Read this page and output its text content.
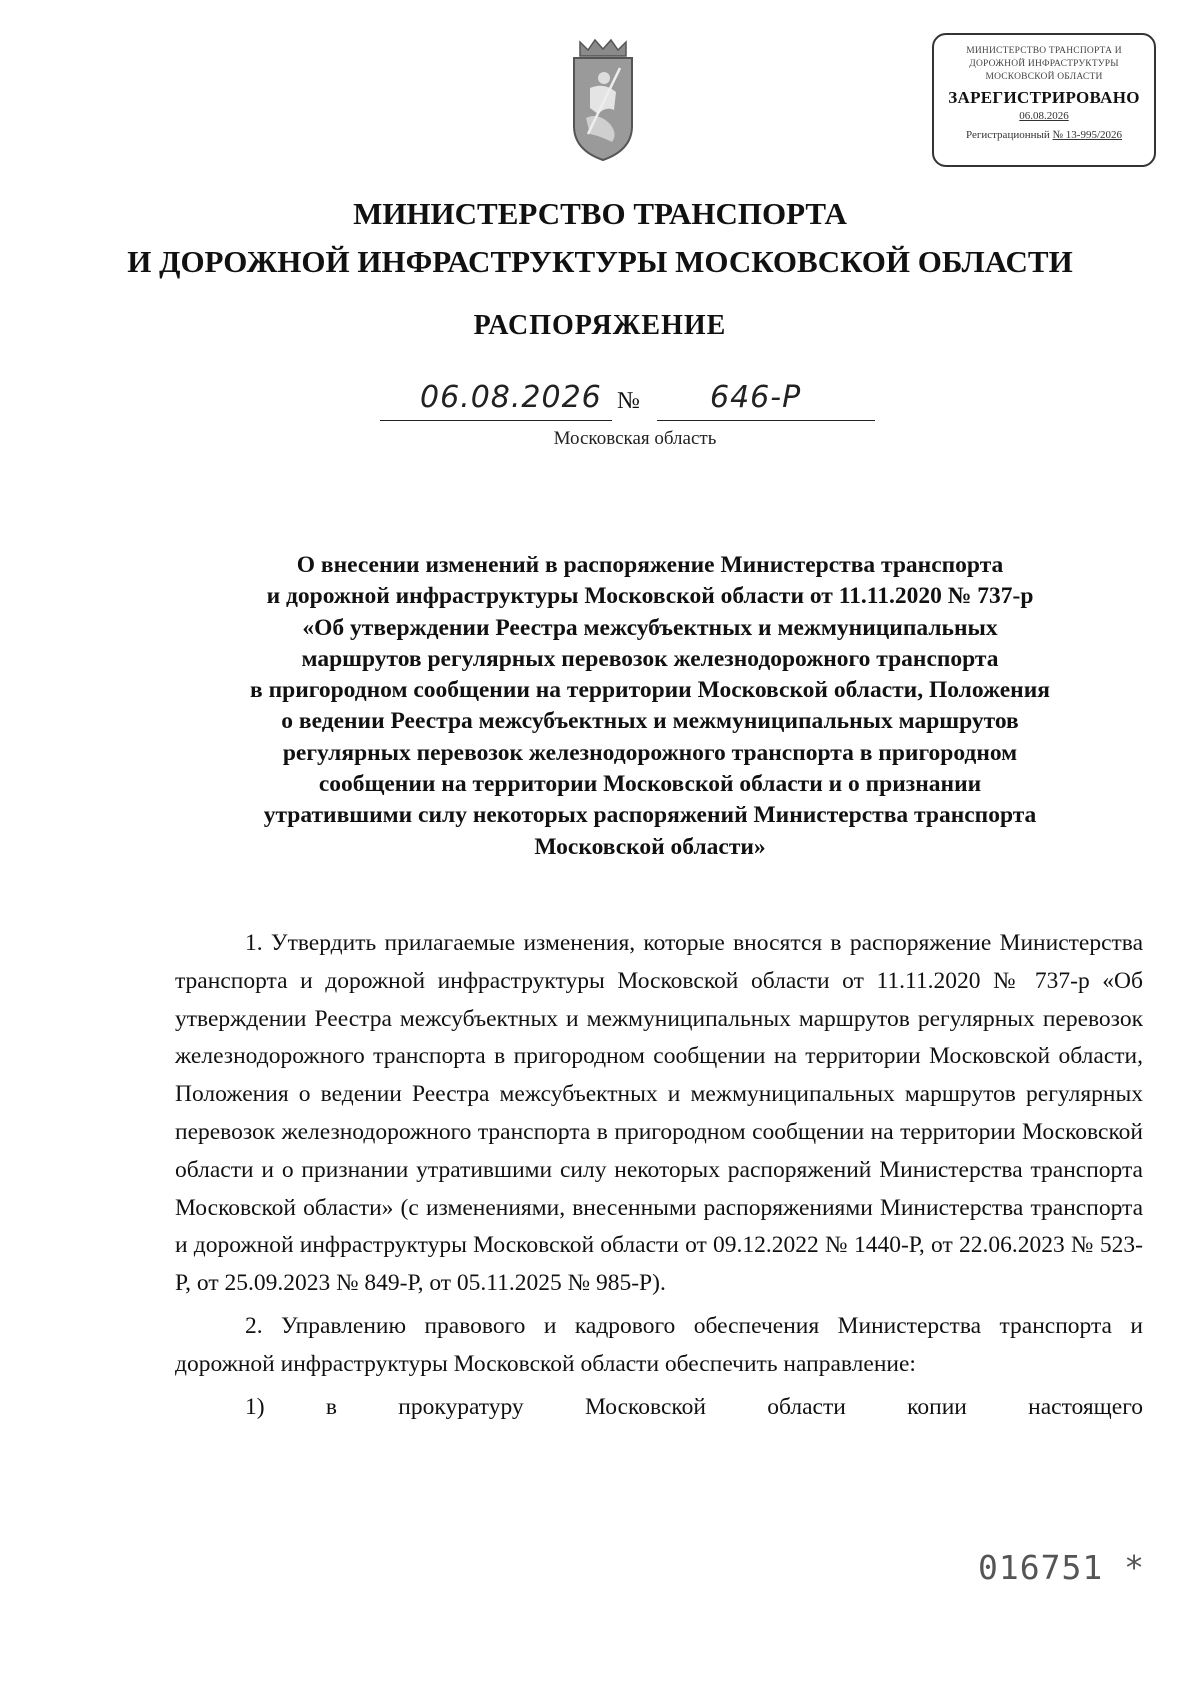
МИНИСТЕРСТВО ТРАНСПОРТА И
ДОРОЖНОЙ ИНФРАСТРУКТУРЫ
МОСКОВСКОЙ ОБЛАСТИ
ЗАРЕГИСТРИРОВАНО
06.08.2026
Регистрационный № 13-995/2026
МИНИСТЕРСТВО ТРАНСПОРТА
И ДОРОЖНОЙ ИНФРАСТРУКТУРЫ МОСКОВСКОЙ ОБЛАСТИ
РАСПОРЯЖЕНИЕ
06.08.2026 № 646-Р
Московская область
О внесении изменений в распоряжение Министерства транспорта
и дорожной инфраструктуры Московской области от 11.11.2020 № 737-р
«Об утверждении Реестра межсубъектных и межмуниципальных
маршрутов регулярных перевозок железнодорожного транспорта
в пригородном сообщении на территории Московской области, Положения
о ведении Реестра межсубъектных и межмуниципальных маршрутов
регулярных перевозок железнодорожного транспорта в пригородном
сообщении на территории Московской области и о признании
утратившими силу некоторых распоряжений Министерства транспорта
Московской области»

1. Утвердить прилагаемые изменения, которые вносятся в распоряжение Министерства транспорта и дорожной инфраструктуры Московской области от 11.11.2020 № 737-р «Об утверждении Реестра межсубъектных и межмуниципальных маршрутов регулярных перевозок железнодорожного транспорта в пригородном сообщении на территории Московской области, Положения о ведении Реестра межсубъектных и межмуниципальных маршрутов регулярных перевозок железнодорожного транспорта в пригородном сообщении на территории Московской области и о признании утратившими силу некоторых распоряжений Министерства транспорта Московской области» (с изменениями, внесенными распоряжениями Министерства транспорта и дорожной инфраструктуры Московской области от 09.12.2022 № 1440-Р, от 22.06.2023 № 523-Р, от 25.09.2023 № 849-Р, от 05.11.2025 № 985-Р).

2. Управлению правового и кадрового обеспечения Министерства транспорта и дорожной инфраструктуры Московской области обеспечить направление:

1) в прокуратуру Московской области копии настоящего

016751 *
